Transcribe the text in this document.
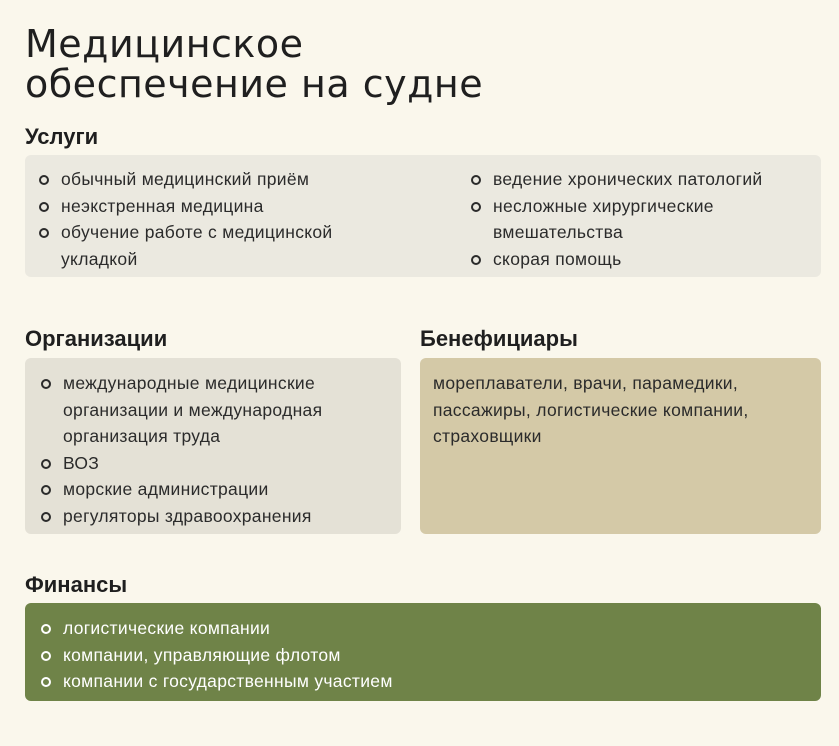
Медицинское
обеспечение на судне
Услуги
обычный медицинский приём
неэкстренная медицина
обучение работе с медицинской укладкой
ведение хронических патологий
несложные хирургические вмешательства
скорая помощь
Организации
международные медицинские организации и международная организация труда
ВОЗ
морские администрации
регуляторы здравоохранения
Бенефициары

мореплаватели, врачи, парамедики, пассажиры, логистические компании, страховщики

Финансы
логистические компании
компании, управляющие флотом
компании с государственным участием
